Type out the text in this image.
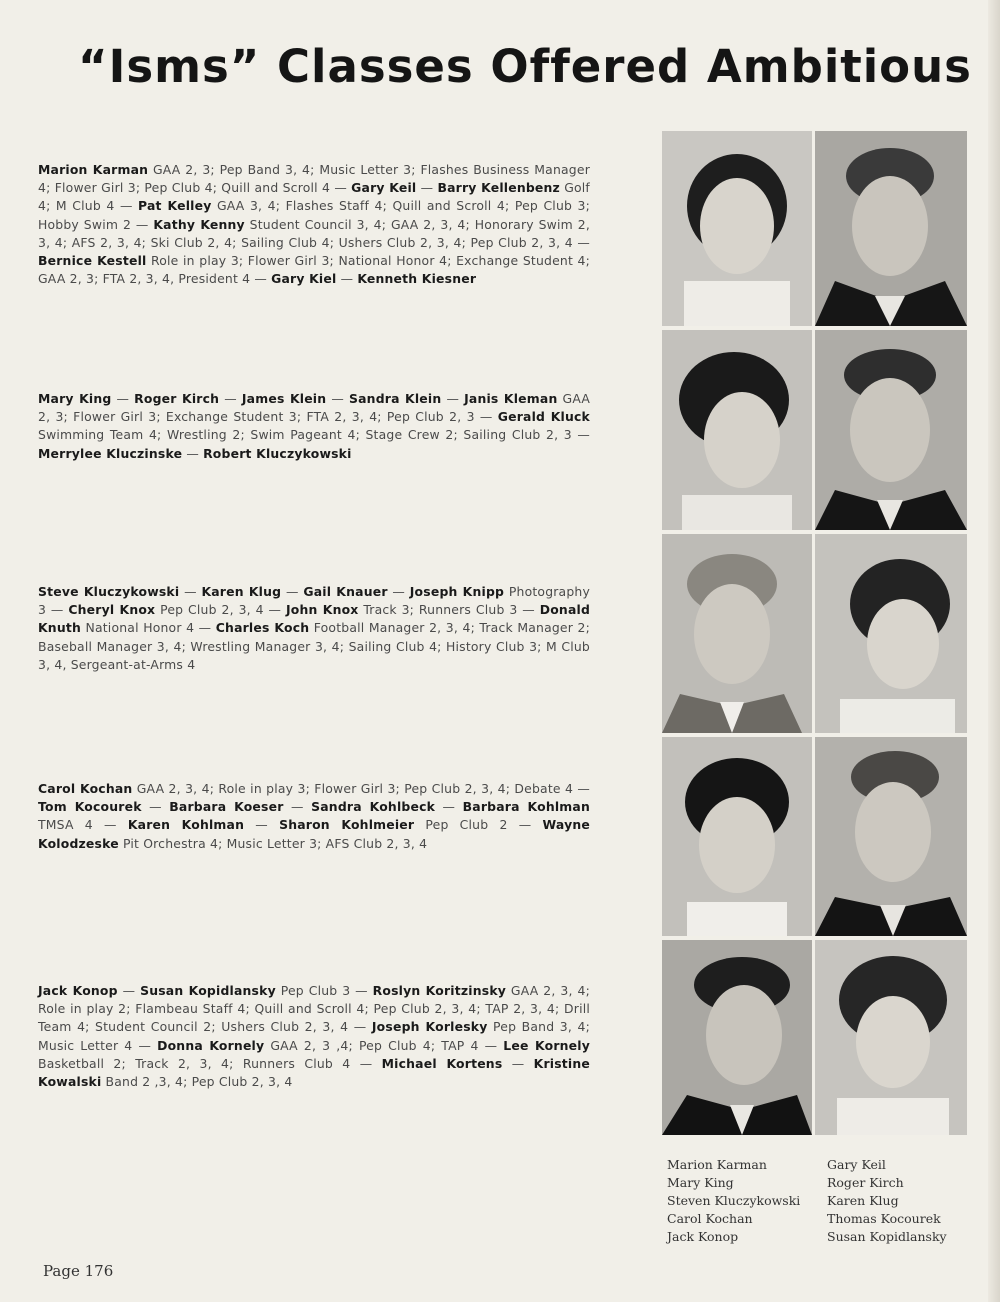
“Isms” Classes Offered Ambitious
Marion Karman GAA 2, 3; Pep Band 3, 4; Music Letter 3; Flashes Business Manager 4; Flower Girl 3; Pep Club 4; Quill and Scroll 4 — Gary Keil — Barry Kellenbenz Golf 4; M Club 4 — Pat Kelley GAA 3, 4; Flashes Staff 4; Quill and Scroll 4; Pep Club 3; Hobby Swim 2 — Kathy Kenny Student Council 3, 4; GAA 2, 3, 4; Honorary Swim 2, 3, 4; AFS 2, 3, 4; Ski Club 2, 4; Sailing Club 4; Ushers Club 2, 3, 4; Pep Club 2, 3, 4 — Bernice Kestell Role in play 3; Flower Girl 3; National Honor 4; Exchange Student 4; GAA 2, 3; FTA 2, 3, 4, President 4 — Gary Kiel — Kenneth Kiesner
Mary King — Roger Kirch — James Klein — Sandra Klein — Janis Kleman GAA 2, 3; Flower Girl 3; Exchange Student 3; FTA 2, 3, 4; Pep Club 2, 3 — Gerald Kluck Swimming Team 4; Wrestling 2; Swim Pageant 4; Stage Crew 2; Sailing Club 2, 3 — Merrylee Kluczinske — Robert Kluczykowski
Steve Kluczykowski — Karen Klug — Gail Knauer — Joseph Knipp Photography 3 — Cheryl Knox Pep Club 2, 3, 4 — John Knox Track 3; Runners Club 3 — Donald Knuth National Honor 4 — Charles Koch Football Manager 2, 3, 4; Track Manager 2; Baseball Manager 3, 4; Wrestling Manager 3, 4; Sailing Club 4; History Club 3; M Club 3, 4, Sergeant-at-Arms 4
Carol Kochan GAA 2, 3, 4; Role in play 3; Flower Girl 3; Pep Club 2, 3, 4; Debate 4 — Tom Kocourek — Barbara Koeser — Sandra Kohlbeck — Barbara Kohlman TMSA 4 — Karen Kohlman — Sharon Kohlmeier Pep Club 2 — Wayne Kolodzeske Pit Orchestra 4; Music Letter 3; AFS Club 2, 3, 4
Jack Konop — Susan Kopidlansky Pep Club 3 — Roslyn Koritzinsky GAA 2, 3, 4; Role in play 2; Flambeau Staff 4; Quill and Scroll 4; Pep Club 2, 3, 4; TAP 2, 3, 4; Drill Team 4; Student Council 2; Ushers Club 2, 3, 4 — Joseph Korlesky Pep Band 3, 4; Music Letter 4 — Donna Kornely GAA 2, 3 ,4; Pep Club 4; TAP 4 — Lee Kornely Basketball 2; Track 2, 3, 4; Runners Club 4 — Michael Kortens — Kristine Kowalski Band 2 ,3, 4; Pep Club 2, 3, 4
Marion Karman	Gary Keil
Mary King	Roger Kirch
Steven Kluczykowski	Karen Klug
Carol Kochan	Thomas Kocourek
Jack Konop	Susan Kopidlansky
Page 176
